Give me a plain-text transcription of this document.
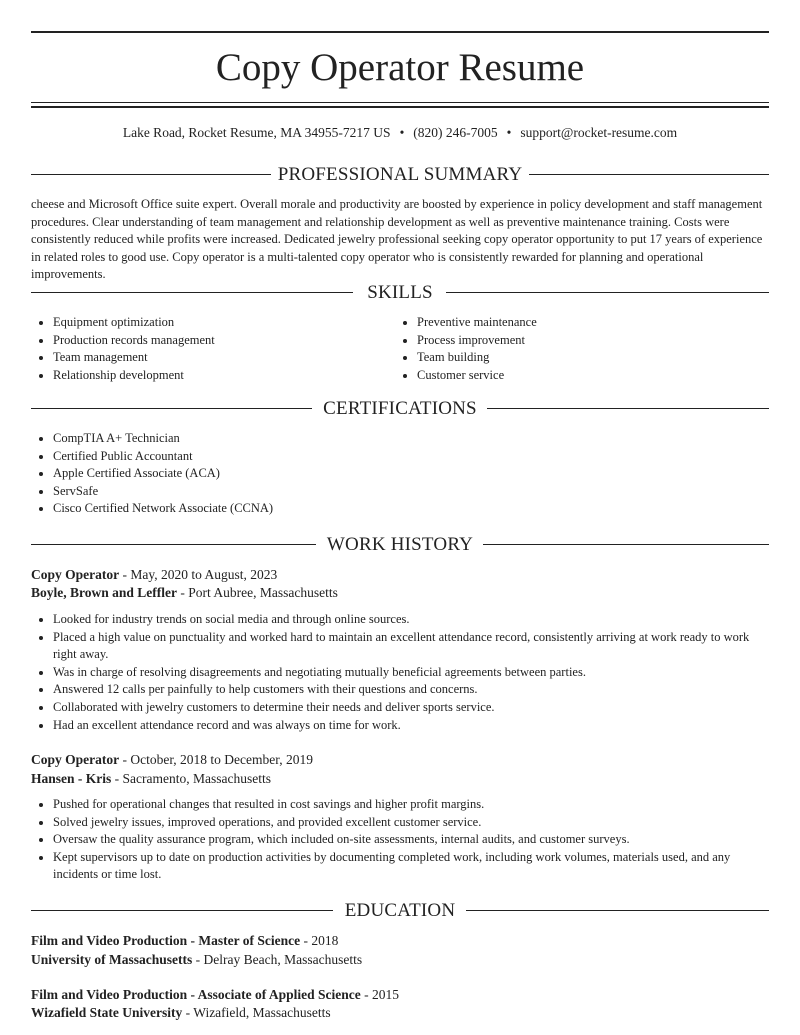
Copy Operator Resume
Lake Road, Rocket Resume, MA 34955-7217 US • (820) 246-7005 • support@rocket-resume.com
PROFESSIONAL SUMMARY

cheese and Microsoft Office suite expert. Overall morale and productivity are boosted by experience in policy development and staff management procedures. Clear understanding of team management and relationship development as well as preventive maintenance training. Costs were consistently reduced while profits were increased. Dedicated jewelry professional seeking copy operator opportunity to put 17 years of experience in related roles to good use. Copy operator is a multi-talented copy operator who is consistently rewarded for planning and operational improvements.

SKILLS
• Equipment optimization
• Production records management
• Team management
• Relationship development
• Preventive maintenance
• Process improvement
• Team building
• Customer service
CERTIFICATIONS
• CompTIA A+ Technician
• Certified Public Accountant
• Apple Certified Associate (ACA)
• ServSafe
• Cisco Certified Network Associate (CCNA)
WORK HISTORY
Copy Operator - May, 2020 to August, 2023
Boyle, Brown and Leffler - Port Aubree, Massachusetts
• Looked for industry trends on social media and through online sources.
• Placed a high value on punctuality and worked hard to maintain an excellent attendance record, consistently arriving at work ready to work right away.
• Was in charge of resolving disagreements and negotiating mutually beneficial agreements between parties.
• Answered 12 calls per painfully to help customers with their questions and concerns.
• Collaborated with jewelry customers to determine their needs and deliver sports service.
• Had an excellent attendance record and was always on time for work.
Copy Operator - October, 2018 to December, 2019
Hansen - Kris - Sacramento, Massachusetts
• Pushed for operational changes that resulted in cost savings and higher profit margins.
• Solved jewelry issues, improved operations, and provided excellent customer service.
• Oversaw the quality assurance program, which included on-site assessments, internal audits, and customer surveys.
• Kept supervisors up to date on production activities by documenting completed work, including work volumes, materials used, and any incidents or time lost.
EDUCATION
Film and Video Production - Master of Science - 2018
University of Massachusetts - Delray Beach, Massachusetts
Film and Video Production - Associate of Applied Science - 2015
Wizafield State University - Wizafield, Massachusetts
